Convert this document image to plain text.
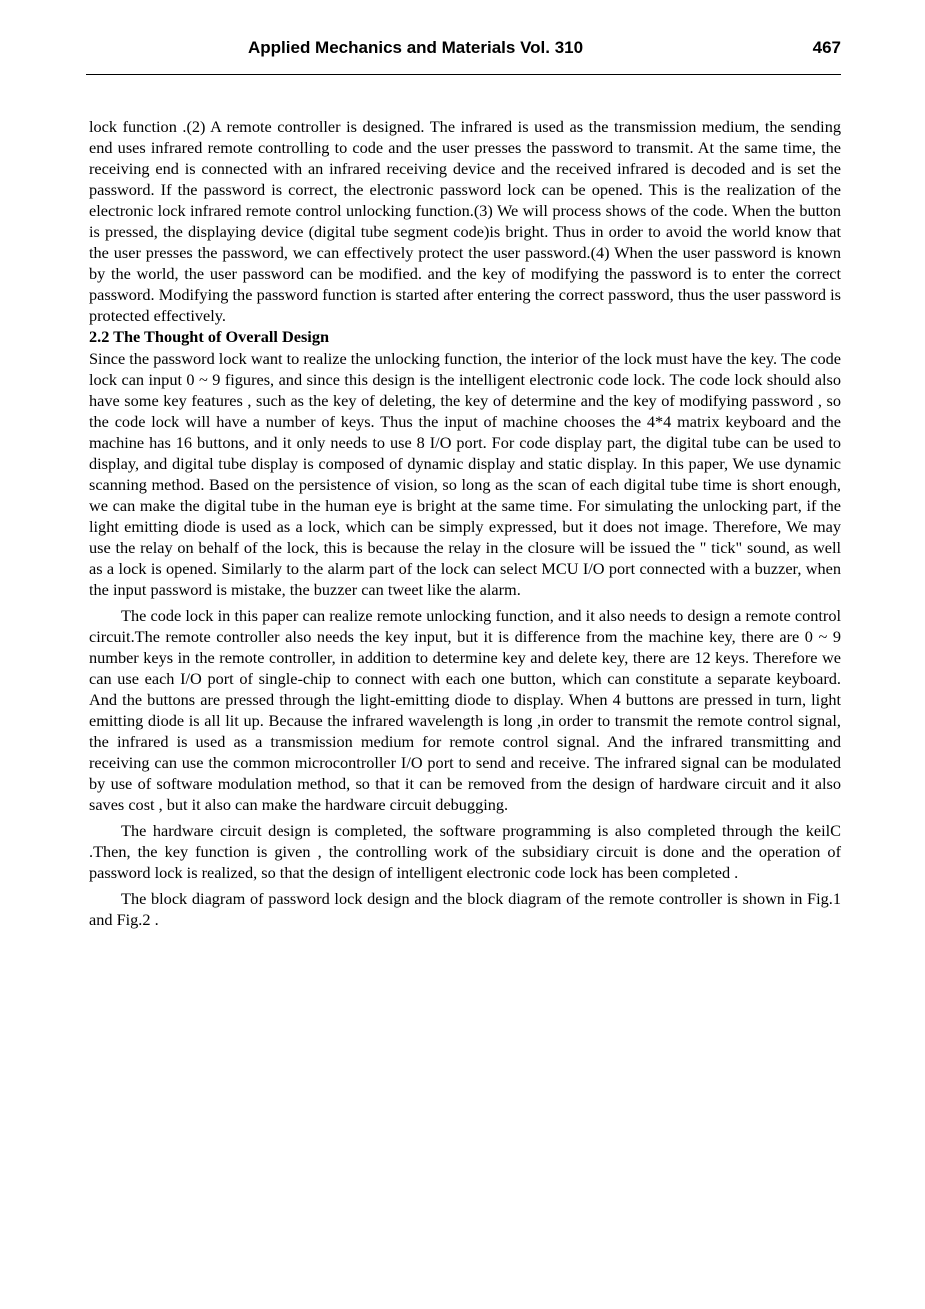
Applied Mechanics and Materials Vol. 310	467

lock function .(2) A remote controller is designed. The infrared is used as the transmission medium, the sending end uses infrared remote controlling to code and the user presses the password to transmit. At the same time, the receiving end is connected with an infrared receiving device and the received infrared is decoded and is set the password. If the password is correct, the electronic password lock can be opened. This is the realization of the electronic lock infrared remote control unlocking function.(3) We will process shows of the code. When the button is pressed, the displaying device (digital tube segment code)is bright. Thus in order to avoid the world know that the user presses the password, we can effectively protect the user password.(4) When the user password is known by the world, the user password can be modified. and the key of modifying the password is to enter the correct password. Modifying the password function is started after entering the correct password, thus the user password is protected effectively.

2.2 The Thought of Overall Design

Since the password lock want to realize the unlocking function, the interior of the lock must have the key. The code lock can input 0 ~ 9 figures, and since this design is the intelligent electronic code lock. The code lock should also have some key features , such as the key of deleting, the key of determine and the key of modifying password , so the code lock will have a number of keys. Thus the input of machine chooses the 4*4 matrix keyboard and the machine has 16 buttons, and it only needs to use 8 I/O port. For code display part, the digital tube can be used to display, and digital tube display is composed of dynamic display and static display. In this paper, We use dynamic scanning method. Based on the persistence of vision, so long as the scan of each digital tube time is short enough, we can make the digital tube in the human eye is bright at the same time. For simulating the unlocking part, if the light emitting diode is used as a lock, which can be simply expressed, but it does not image. Therefore, We may use the relay on behalf of the lock, this is because the relay in the closure will be issued the " tick" sound, as well as a lock is opened. Similarly to the alarm part of the lock can select MCU I/O port connected with a buzzer, when the input password is mistake, the buzzer can tweet like the alarm.

The code lock in this paper can realize remote unlocking function, and it also needs to design a remote control circuit.The remote controller also needs the key input, but it is difference from the machine key, there are 0 ~ 9 number keys in the remote controller, in addition to determine key and delete key, there are 12 keys. Therefore we can use each I/O port of single-chip to connect with each one button, which can constitute a separate keyboard. And the buttons are pressed through the light-emitting diode to display. When 4 buttons are pressed in turn, light emitting diode is all lit up. Because the infrared wavelength is long ,in order to transmit the remote control signal, the infrared is used as a transmission medium for remote control signal. And the infrared transmitting and receiving can use the common microcontroller I/O port to send and receive. The infrared signal can be modulated by use of software modulation method, so that it can be removed from the design of hardware circuit and it also saves cost , but it also can make the hardware circuit debugging.

The hardware circuit design is completed, the software programming is also completed through the keilC .Then, the key function is given , the controlling work of the subsidiary circuit is done and the operation of password lock is realized, so that the design of intelligent electronic code lock has been completed .

The block diagram of password lock design and the block diagram of the remote controller is shown in Fig.1 and Fig.2 .
